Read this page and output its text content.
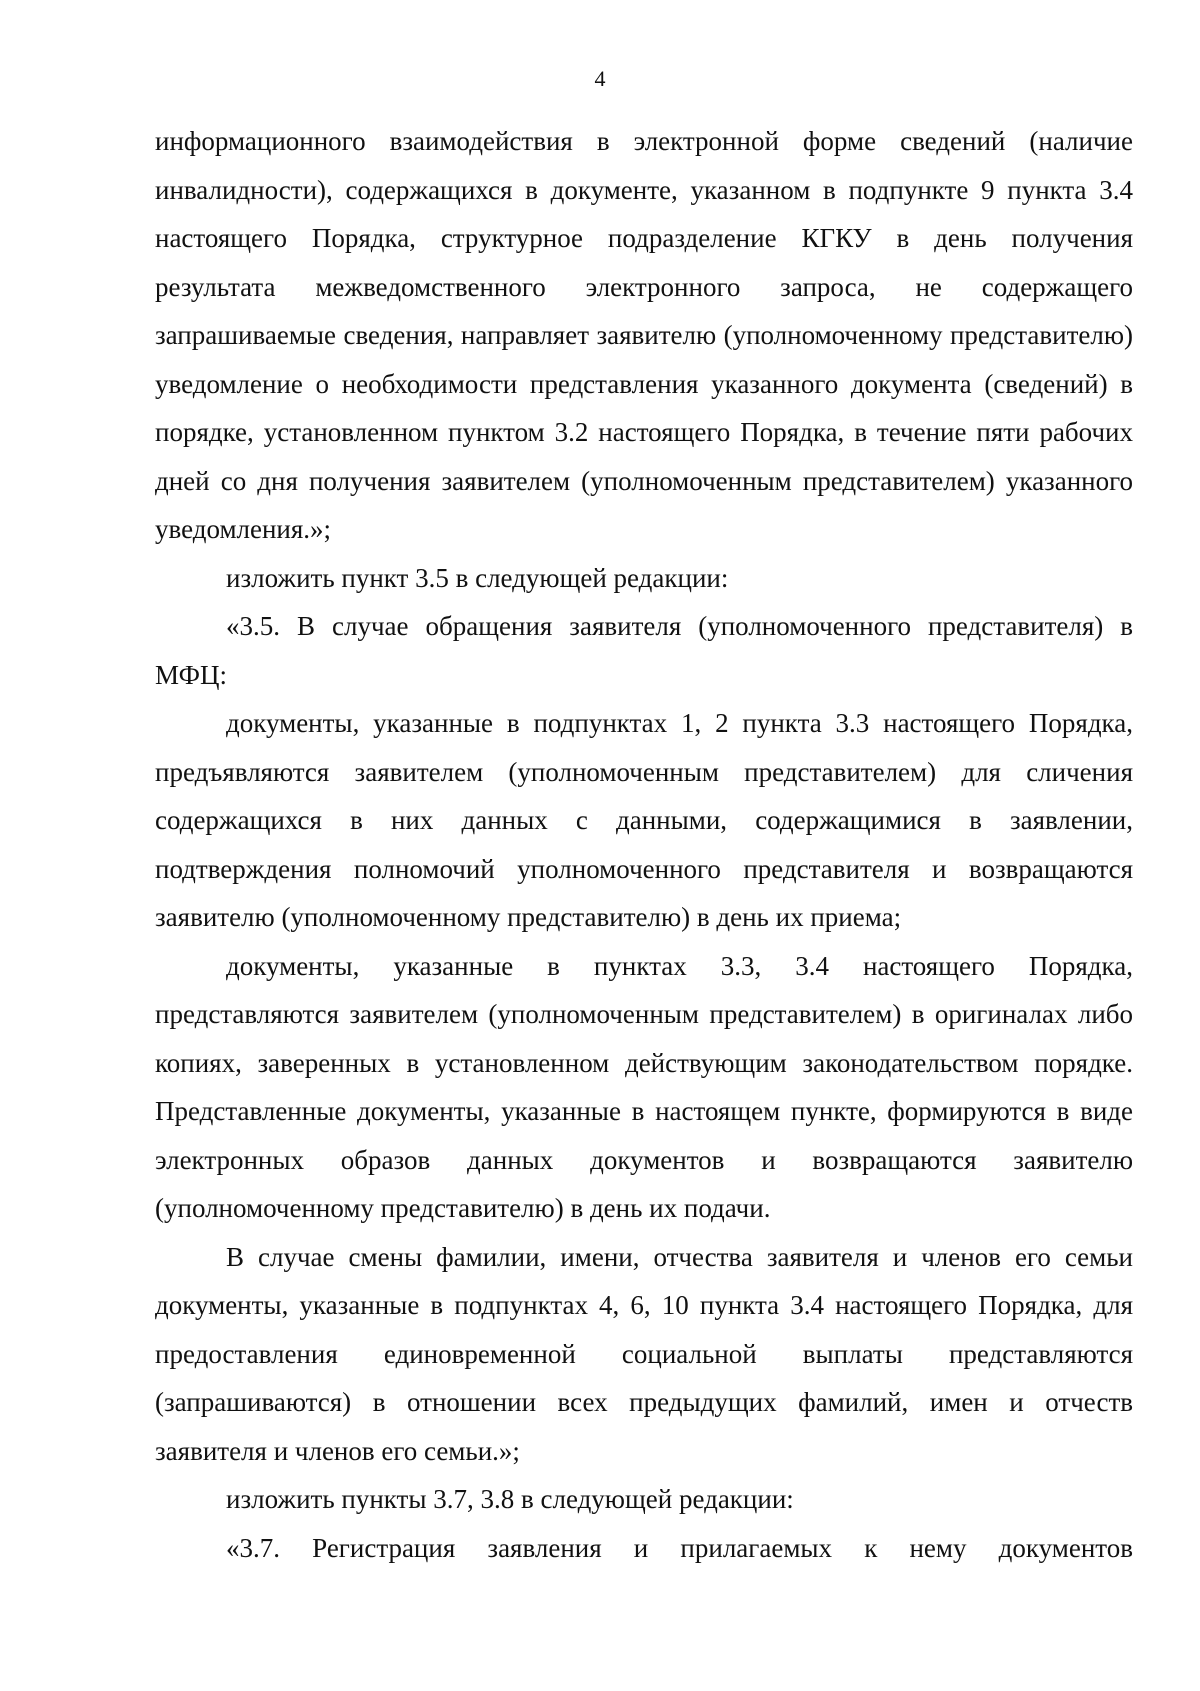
4

информационного взаимодействия в электронной форме сведений (наличие инвалидности), содержащихся в документе, указанном в подпункте 9 пункта 3.4 настоящего Порядка, структурное подразделение КГКУ в день получения результата межведомственного электронного запроса, не содержащего запрашиваемые сведения, направляет заявителю (уполномоченному представителю) уведомление о необходимости представления указанного документа (сведений) в порядке, установленном пунктом 3.2 настоящего Порядка, в течение пяти рабочих дней со дня получения заявителем (уполномоченным представителем) указанного уведомления.»;

изложить пункт 3.5 в следующей редакции:

«3.5. В случае обращения заявителя (уполномоченного представителя) в МФЦ:

документы, указанные в подпунктах 1, 2 пункта 3.3 настоящего Порядка, предъявляются заявителем (уполномоченным представителем) для сличения содержащихся в них данных с данными, содержащимися в заявлении, подтверждения полномочий уполномоченного представителя и возвращаются заявителю (уполномоченному представителю) в день их приема;

документы, указанные в пунктах 3.3, 3.4 настоящего Порядка, представляются заявителем (уполномоченным представителем) в оригиналах либо копиях, заверенных в установленном действующим законодательством порядке. Представленные документы, указанные в настоящем пункте, формируются в виде электронных образов данных документов и возвращаются заявителю (уполномоченному представителю) в день их подачи.

В случае смены фамилии, имени, отчества заявителя и членов его семьи документы, указанные в подпунктах 4, 6, 10 пункта 3.4 настоящего Порядка, для предоставления единовременной социальной выплаты представляются (запрашиваются) в отношении всех предыдущих фамилий, имен и отчеств заявителя и членов его семьи.»;

изложить пункты 3.7, 3.8 в следующей редакции:

«3.7. Регистрация заявления и прилагаемых к нему документов
